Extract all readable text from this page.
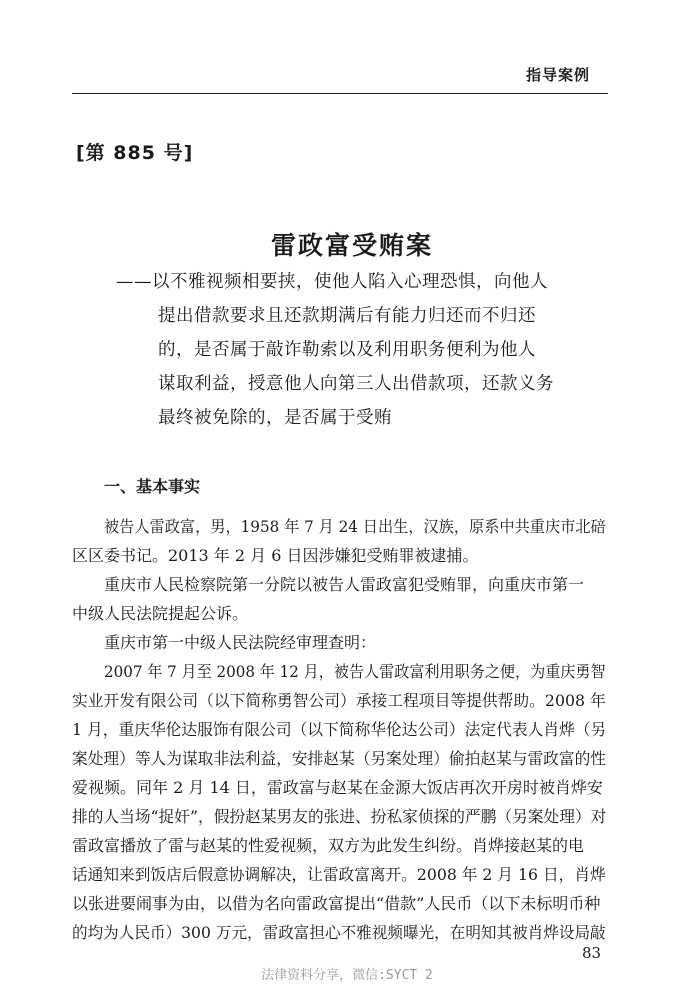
指导案例
[第 885 号]
雷政富受贿案
——以不雅视频相要挟，使他人陷入心理恐惧，向他人
提出借款要求且还款期满后有能力归还而不归还
的，是否属于敲诈勒索以及利用职务便利为他人
谋取利益，授意他人向第三人出借款项，还款义务
最终被免除的，是否属于受贿
一、基本事实
被告人雷政富，男，1958 年 7 月 24 日出生，汉族，原系中共重庆市北碚
区区委书记。2013 年 2 月 6 日因涉嫌犯受贿罪被逮捕。
重庆市人民检察院第一分院以被告人雷政富犯受贿罪，向重庆市第一
中级人民法院提起公诉。
重庆市第一中级人民法院经审理查明：
2007 年 7 月至 2008 年 12 月，被告人雷政富利用职务之便，为重庆勇智
实业开发有限公司（以下简称勇智公司）承接工程项目等提供帮助。2008 年
1 月，重庆华伦达服饰有限公司（以下简称华伦达公司）法定代表人肖烨（另
案处理）等人为谋取非法利益，安排赵某（另案处理）偷拍赵某与雷政富的性
爱视频。同年 2 月 14 日，雷政富与赵某在金源大饭店再次开房时被肖烨安
排的人当场“捉奸”，假扮赵某男友的张进、扮私家侦探的严鹏（另案处理）对
雷政富播放了雷与赵某的性爱视频，双方为此发生纠纷。肖烨接赵某的电
话通知来到饭店后假意协调解决，让雷政富离开。2008 年 2 月 16 日，肖烨
以张进要闹事为由，以借为名向雷政富提出“借款”人民币（以下未标明币种
的均为人民币）300 万元，雷政富担心不雅视频曝光，在明知其被肖烨设局敲
83
法律资料分享，微信:SYCT 2
